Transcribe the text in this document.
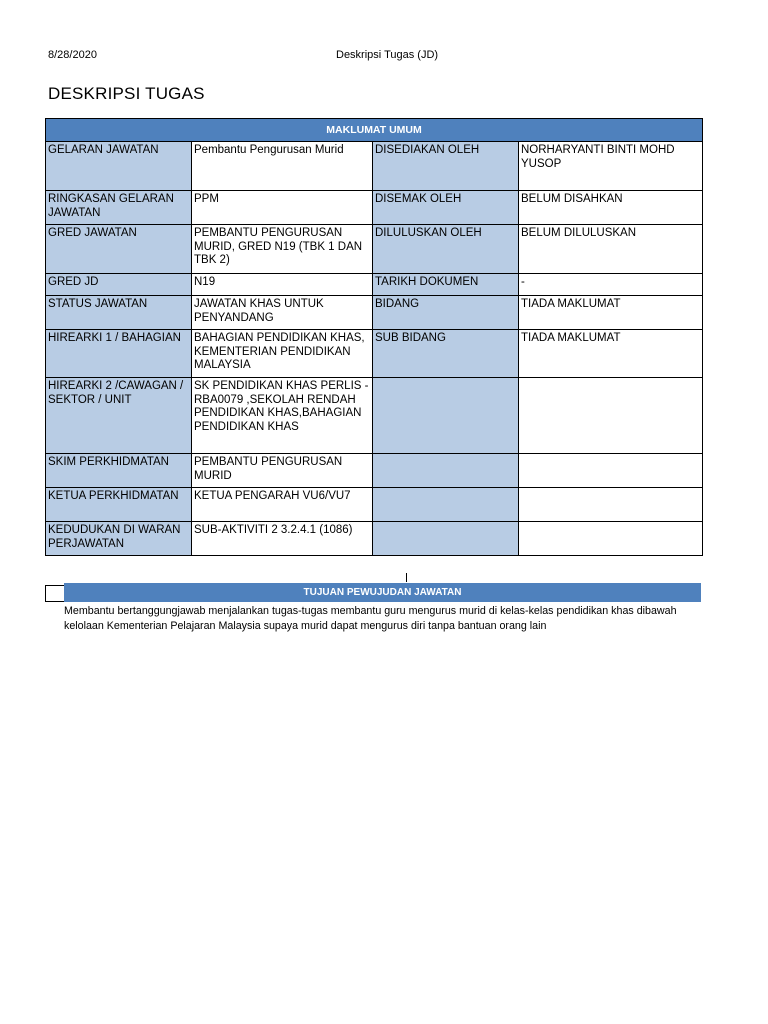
8/28/2020	Deskripsi Tugas (JD)
DESKRIPSI TUGAS
MAKLUMAT UMUM			
GELARAN JAWATAN	Pembantu Pengurusan Murid	DISEDIAKAN OLEH	NORHARYANTI BINTI MOHD YUSOP
RINGKASAN GELARAN JAWATAN	PPM	DISEMAK OLEH	BELUM DISAHKAN
GRED JAWATAN	PEMBANTU PENGURUSAN MURID, GRED N19 (TBK 1 DAN TBK 2)	DILULUSKAN OLEH	BELUM DILULUSKAN
GRED JD	N19	TARIKH DOKUMEN	-
STATUS JAWATAN	JAWATAN KHAS UNTUK PENYANDANG	BIDANG	TIADA MAKLUMAT
HIREARKI 1 / BAHAGIAN	BAHAGIAN PENDIDIKAN KHAS, KEMENTERIAN PENDIDIKAN MALAYSIA	SUB BIDANG	TIADA MAKLUMAT
HIREARKI 2 /CAWAGAN / SEKTOR / UNIT	SK PENDIDIKAN KHAS PERLIS - RBA0079 ,SEKOLAH RENDAH PENDIDIKAN KHAS,BAHAGIAN PENDIDIKAN KHAS		
SKIM PERKHIDMATAN	PEMBANTU PENGURUSAN MURID		
KETUA PERKHIDMATAN	KETUA PENGARAH VU6/VU7		
KEDUDUKAN DI WARAN PERJAWATAN	SUB-AKTIVITI 2 3.2.4.1 (1086)		
TUJUAN PEWUJUDAN JAWATAN
Membantu bertanggungjawab menjalankan tugas-tugas membantu guru mengurus murid di kelas-kelas pendidikan khas dibawah kelolaan Kementerian Pelajaran Malaysia supaya murid dapat mengurus diri tanpa bantuan orang lain
